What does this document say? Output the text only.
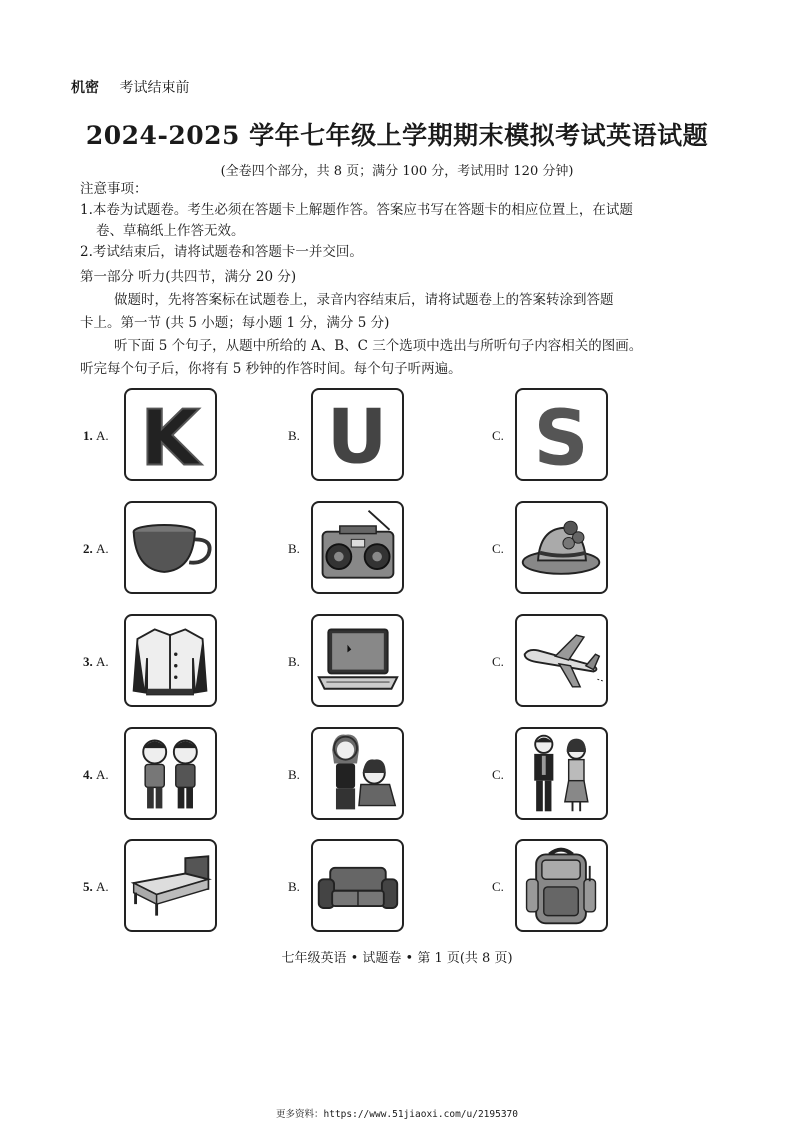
机密 考试结束前
2024-2025 学年七年级上学期期末模拟考试英语试题
(全卷四个部分，共 8 页；满分 100 分，考试用时 120 分钟)
注意事项：
1.本卷为试题卷。考生必须在答题卡上解题作答。答案应书写在答题卡的相应位置上，在试题
卷、草稿纸上作答无效。
2.考试结束后，请将试题卷和答题卡一并交回。
第一部分 听力(共四节，满分 20 分)
做题时，先将答案标在试题卷上，录音内容结束后，请将试题卷上的答案转涂到答题
卡上。第一节 (共 5 小题；每小题 1 分，满分 5 分)
听下面 5 个句子，从题中所给的 A、B、C 三个选项中选出与所听句子内容相关的图画。
听完每个句子后，你将有 5 秒钟的作答时间。每个句子听两遍。
1. A. K	B. U	C. S
2. A.	B.	C.
3. A.	B.	C.
4. A.	B.	C.
5. A.	B.	C.
七年级英语 • 试题卷 • 第 1 页(共 8 页)
更多资料：https://www.51jiaoxi.com/u/2195370
